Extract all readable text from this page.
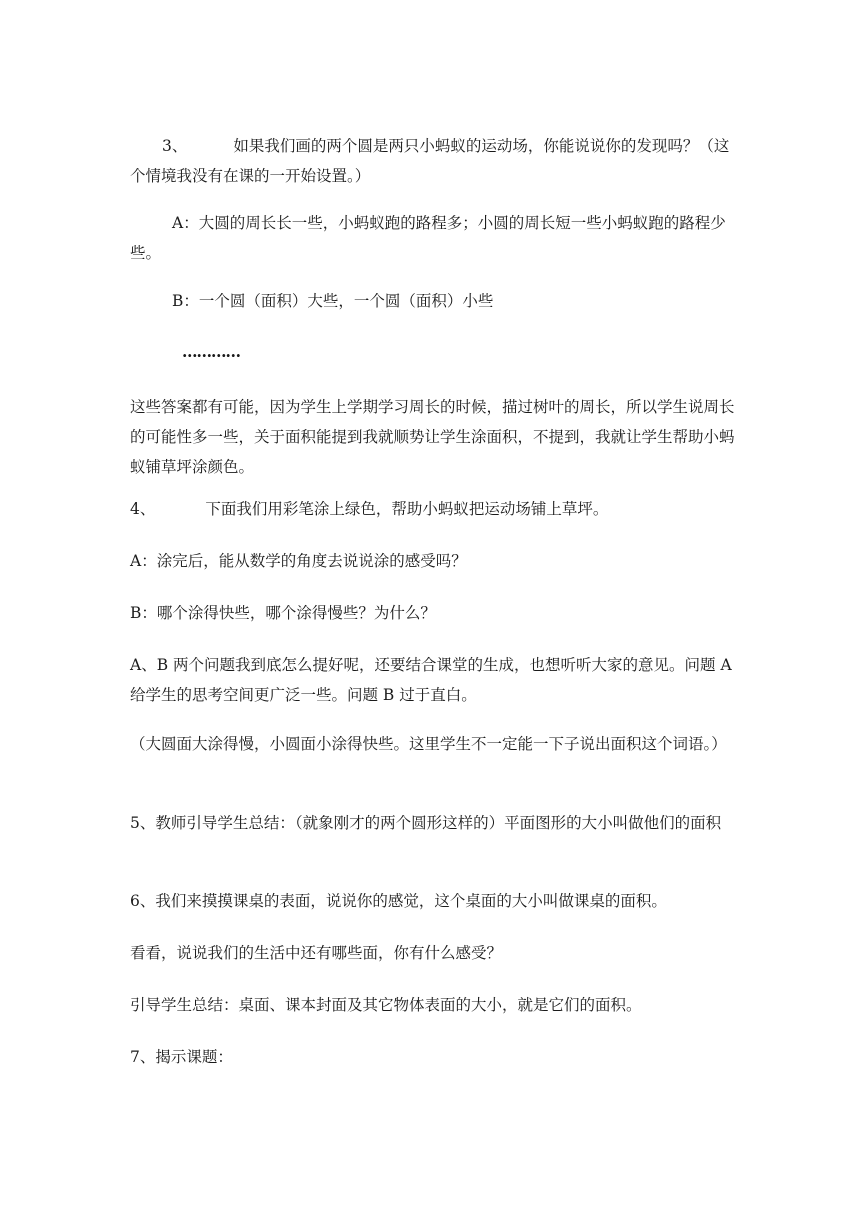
3、	如果我们画的两个圆是两只小蚂蚁的运动场，你能说说你的发现吗？（这个情境我没有在课的一开始设置。）

A：大圆的周长长一些，小蚂蚁跑的路程多；小圆的周长短一些小蚂蚁跑的路程少些。

B：一个圆（面积）大些，一个圆（面积）小些

…………

这些答案都有可能，因为学生上学期学习周长的时候，描过树叶的周长，所以学生说周长的可能性多一些，关于面积能提到我就顺势让学生涂面积，不提到，我就让学生帮助小蚂蚁铺草坪涂颜色。

4、	下面我们用彩笔涂上绿色，帮助小蚂蚁把运动场铺上草坪。

A：涂完后，能从数学的角度去说说涂的感受吗？

B：哪个涂得快些，哪个涂得慢些？为什么？

A、B 两个问题我到底怎么提好呢，还要结合课堂的生成，也想听听大家的意见。问题 A 给学生的思考空间更广泛一些。问题 B 过于直白。

（大圆面大涂得慢，小圆面小涂得快些。这里学生不一定能一下子说出面积这个词语。）

5、教师引导学生总结：（就象刚才的两个圆形这样的）平面图形的大小叫做他们的面积

6、我们来摸摸课桌的表面，说说你的感觉，这个桌面的大小叫做课桌的面积。

看看，说说我们的生活中还有哪些面，你有什么感受？

引导学生总结：桌面、课本封面及其它物体表面的大小，就是它们的面积。

7、揭示课题：
